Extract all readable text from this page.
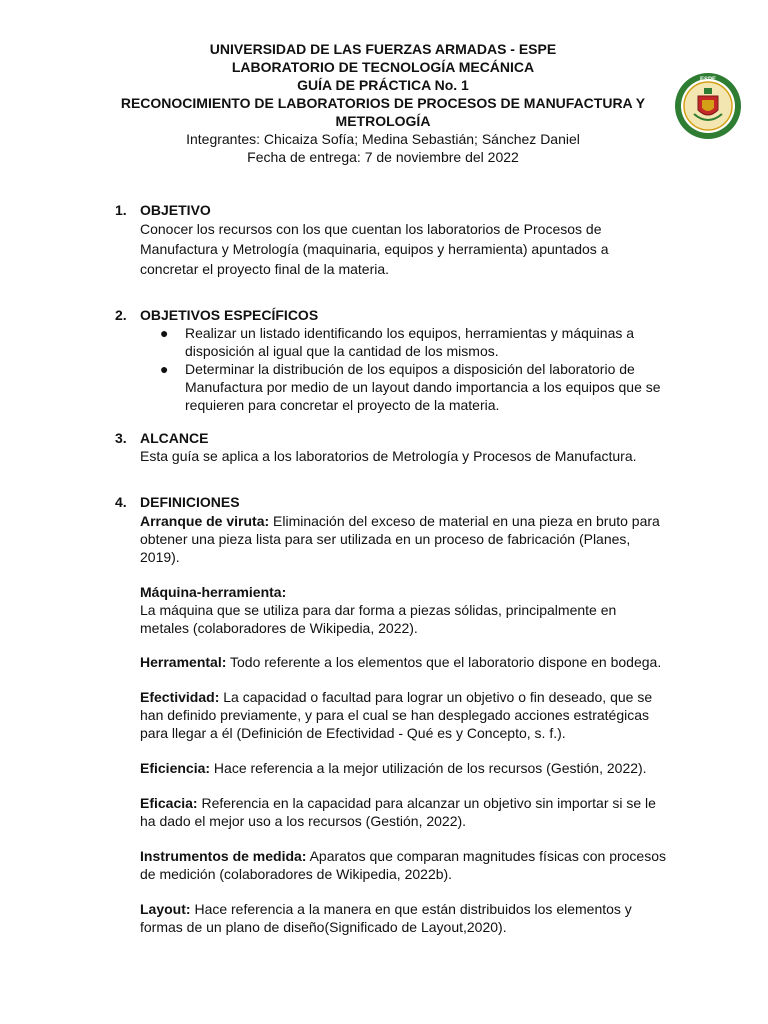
UNIVERSIDAD DE LAS FUERZAS ARMADAS - ESPE
LABORATORIO DE TECNOLOGÍA MECÁNICA
GUÍA DE PRÁCTICA No. 1
RECONOCIMIENTO DE LABORATORIOS DE PROCESOS DE MANUFACTURA Y
METROLOGÍA
Integrantes: Chicaiza Sofía; Medina Sebastián; Sánchez Daniel
Fecha de entrega: 7 de noviembre del 2022
ESPE
1. OBJETIVO
Conocer los recursos con los que cuentan los laboratorios de Procesos de
Manufactura y Metrología (maquinaria, equipos y herramienta) apuntados a
concretar el proyecto final de la materia.
2. OBJETIVOS ESPECÍFICOS
● Realizar un listado identificando los equipos, herramientas y máquinas a
disposición al igual que la cantidad de los mismos.
● Determinar la distribución de los equipos a disposición del laboratorio de
Manufactura por medio de un layout dando importancia a los equipos que se
requieren para concretar el proyecto de la materia.
3. ALCANCE
Esta guía se aplica a los laboratorios de Metrología y Procesos de Manufactura.
4. DEFINICIONES
Arranque de viruta: Eliminación del exceso de material en una pieza en bruto para
obtener una pieza lista para ser utilizada en un proceso de fabricación (Planes,
2019).
Máquina-herramienta:
La máquina que se utiliza para dar forma a piezas sólidas, principalmente en
metales (colaboradores de Wikipedia, 2022).
Herramental: Todo referente a los elementos que el laboratorio dispone en bodega.
Efectividad: La capacidad o facultad para lograr un objetivo o fin deseado, que se
han definido previamente, y para el cual se han desplegado acciones estratégicas
para llegar a él (Definición de Efectividad - Qué es y Concepto, s. f.).
Eficiencia: Hace referencia a la mejor utilización de los recursos (Gestión, 2022).
Eficacia: Referencia en la capacidad para alcanzar un objetivo sin importar si se le
ha dado el mejor uso a los recursos (Gestión, 2022).
Instrumentos de medida: Aparatos que comparan magnitudes físicas con procesos
de medición (colaboradores de Wikipedia, 2022b).
Layout: Hace referencia a la manera en que están distribuidos los elementos y
formas de un plano de diseño(Significado de Layout,2020).
